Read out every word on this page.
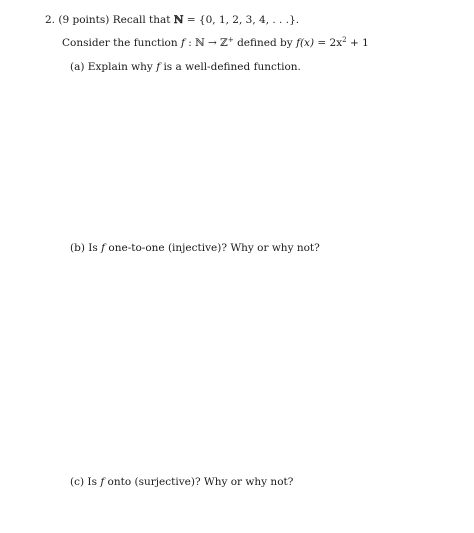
2. (9 points) Recall that ℕ = {0, 1, 2, 3, 4, . . .}.
Consider the function f : ℕ → ℤ+ defined by $f(x) = 2x^2 + 1$
(a) Explain why f is a well-defined function.
(b) Is f one-to-one (injective)? Why or why not?
(c) Is f onto (surjective)? Why or why not?
